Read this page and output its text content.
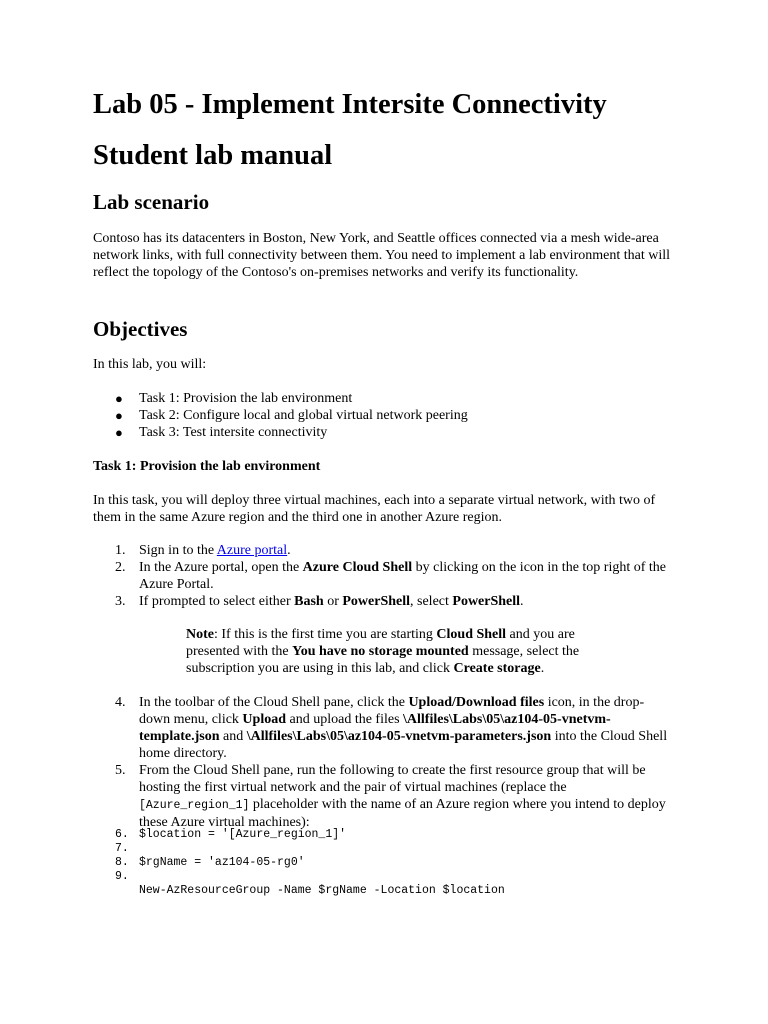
Lab 05 - Implement Intersite Connectivity
Student lab manual
Lab scenario

Contoso has its datacenters in Boston, New York, and Seattle offices connected via a mesh wide-area network links, with full connectivity between them. You need to implement a lab environment that will reflect the topology of the Contoso's on-premises networks and verify its functionality.

Objectives

In this lab, you will:

● Task 1: Provision the lab environment
● Task 2: Configure local and global virtual network peering
● Task 3: Test intersite connectivity
Task 1: Provision the lab environment

In this task, you will deploy three virtual machines, each into a separate virtual network, with two of them in the same Azure region and the third one in another Azure region.

1. Sign in to the Azure portal.
2. In the Azure portal, open the Azure Cloud Shell by clicking on the icon in the top right of the Azure Portal.
3. If prompted to select either Bash or PowerShell, select PowerShell.
Note: If this is the first time you are starting Cloud Shell and you are presented with the You have no storage mounted message, select the subscription you are using in this lab, and click Create storage.
4. In the toolbar of the Cloud Shell pane, click the Upload/Download files icon, in the drop-down menu, click Upload and upload the files \Allfiles\Labs\05\az104-05-vnetvm-template.json and \Allfiles\Labs\05\az104-05-vnetvm-parameters.json into the Cloud Shell home directory.
5. From the Cloud Shell pane, run the following to create the first resource group that will be hosting the first virtual network and the pair of virtual machines (replace the [Azure_region_1] placeholder with the name of an Azure region where you intend to deploy these Azure virtual machines):
6. $location = '[Azure_region_1]'
7.
8. $rgName = 'az104-05-rg0'
9.
New-AzResourceGroup -Name $rgName -Location $location
